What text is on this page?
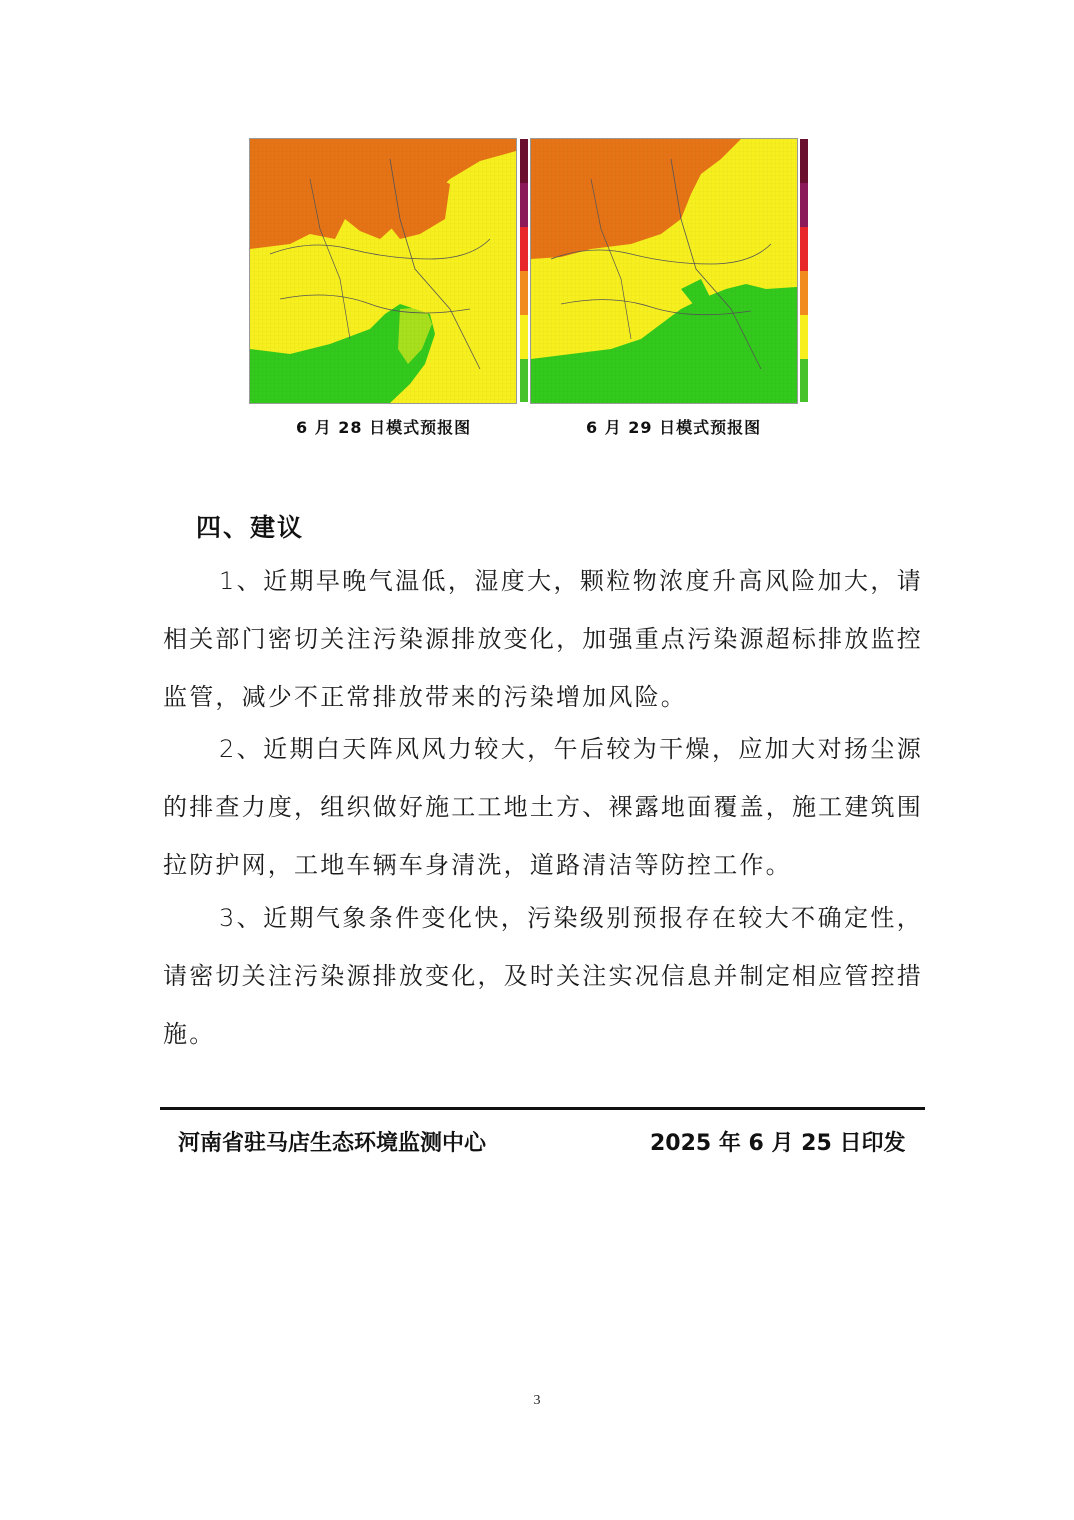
6 月 28 日模式预报图	6 月 29 日模式预报图
四、建议
1、近期早晚气温低，湿度大，颗粒物浓度升高风险加大，请相关部门密切关注污染源排放变化，加强重点污染源超标排放监控监管，减少不正常排放带来的污染增加风险。
2、近期白天阵风风力较大，午后较为干燥，应加大对扬尘源的排查力度，组织做好施工工地土方、裸露地面覆盖，施工建筑围拉防护网，工地车辆车身清洗，道路清洁等防控工作。
3、近期气象条件变化快，污染级别预报存在较大不确定性，请密切关注污染源排放变化，及时关注实况信息并制定相应管控措施。
河南省驻马店生态环境监测中心	2025 年 6 月 25 日印发
3
